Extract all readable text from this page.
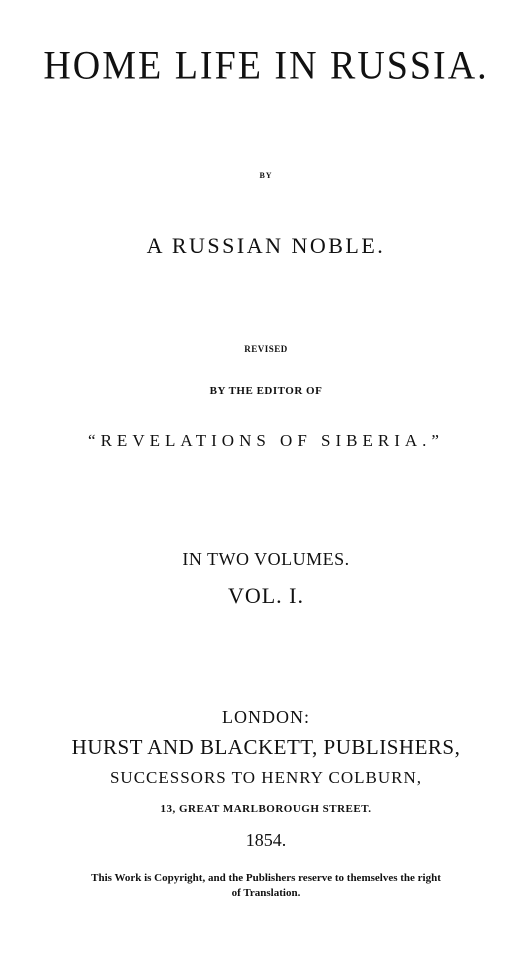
HOME LIFE IN RUSSIA.
BY
A RUSSIAN NOBLE.
REVISED
BY THE EDITOR OF
“REVELATIONS OF SIBERIA.”
IN TWO VOLUMES.
VOL. I.
LONDON:
HURST AND BLACKETT, PUBLISHERS,
SUCCESSORS TO HENRY COLBURN,
13, GREAT MARLBOROUGH STREET.
1854.
This Work is Copyright, and the Publishers reserve to themselves the right
of Translation.
